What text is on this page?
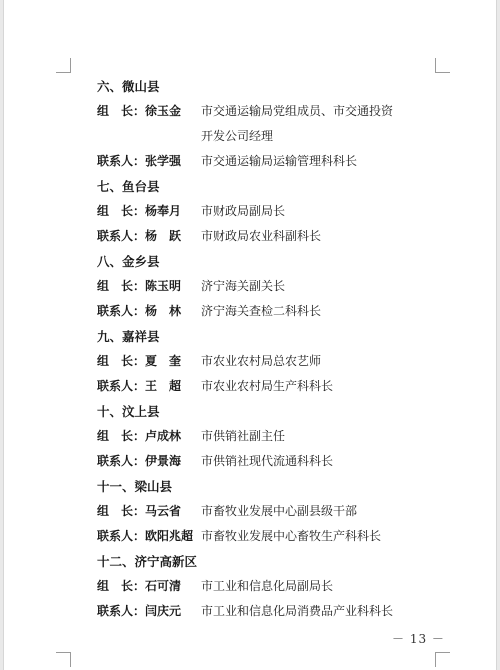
六、微山县
组　长： 徐玉金	市交通运输局党组成员、市交通投资
开发公司经理
联系人： 张学强	市交通运输局运输管理科科长
七、鱼台县
组　长： 杨奉月	市财政局副局长
联系人： 杨　跃	市财政局农业科副科长
八、金乡县
组　长： 陈玉明	济宁海关副关长
联系人： 杨　林	济宁海关查检二科科长
九、嘉祥县
组　长： 夏　奎	市农业农村局总农艺师
联系人： 王　超	市农业农村局生产科科长
十、汶上县
组　长： 卢成林	市供销社副主任
联系人： 伊景海	市供销社现代流通科科长
十一、梁山县
组　长： 马云省	市畜牧业发展中心副县级干部
联系人： 欧阳兆超 市畜牧业发展中心畜牧生产科科长
十二、济宁高新区
组　长： 石可清	市工业和信息化局副局长
联系人： 闫庆元	市工业和信息化局消费品产业科科长
－ 13 －
